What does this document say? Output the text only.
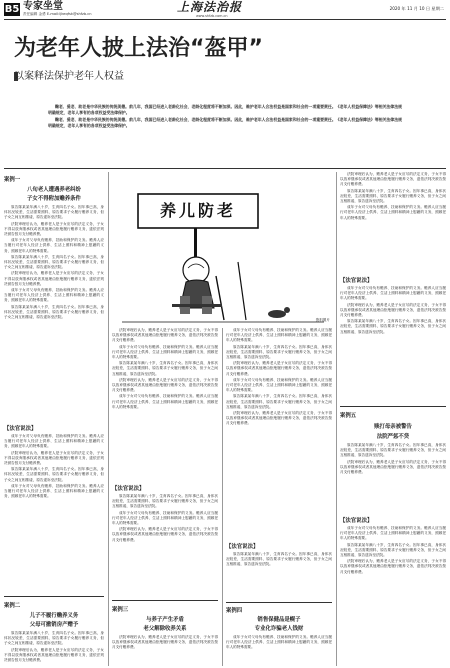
B5 专家坐堂
责任编辑 金勇 E-mail:ljkeqfsk@shfzb.cn	上海法治报
www.shfzb.com.cn
2020 年 11 月 10 日 星期二
为老年人披上法治“盔甲”
以案释法保护老年人权益

鞠老、爱老、助老是中华民族的传统美德。前几年，我国已经进入老龄化社会，老龄化程度将不断加深。因此，维护老年人合法权益是国家和社会的一项重要责任。《老年人权益保障法》等相关法律法规明确规定，老年人享有的各项权益受法律保护。

鞠老、爱老、助老是中华民族的传统美德。前几年，我国已经进入老龄化社会，老龄化程度将不断加深。因此，维护老年人合法权益是国家和社会的一项重要责任。《老年人权益保障法》等相关法律法规明确规定，老年人享有的各项权益受法律保护。

案例一
八旬老人遭遇养老纠纷
子女不得附加赡养条件

原告陈某某年满八十岁，生育四名子女。因年事已高，身体状况较差，生活需要照料，原告要求子女履行赡养义务，但子女之间互相推诿，原告遂诉至法院。

法院审理后认为，赡养老人是子女应尽的法定义务，子女不得以放弃继承权或者其他理由拒绝履行赡养义务，遂依法判决被告按月支付赡养费。

成年子女对父母负有赡养、扶助和保护的义务。赡养人应当履行对老年人经济上供养、生活上照料和精神上慰藉的义务，照顾老年人的特殊需要。

原告陈某某年满八十岁，生育四名子女。因年事已高，身体状况较差，生活需要照料，原告要求子女履行赡养义务，但子女之间互相推诿，原告遂诉至法院。

法院审理后认为，赡养老人是子女应尽的法定义务，子女不得以放弃继承权或者其他理由拒绝履行赡养义务，遂依法判决被告按月支付赡养费。

成年子女对父母负有赡养、扶助和保护的义务。赡养人应当履行对老年人经济上供养、生活上照料和精神上慰藉的义务，照顾老年人的特殊需要。

原告陈某某年满八十岁，生育四名子女。因年事已高，身体状况较差，生活需要照料，原告要求子女履行赡养义务，但子女之间互相推诿，原告遂诉至法院。

【法官说法】

成年子女对父母负有赡养、扶助和保护的义务。赡养人应当履行对老年人经济上供养、生活上照料和精神上慰藉的义务，照顾老年人的特殊需要。

法院审理后认为，赡养老人是子女应尽的法定义务，子女不得以放弃继承权或者其他理由拒绝履行赡养义务，遂依法判决被告按月支付赡养费。

原告陈某某年满八十岁，生育四名子女。因年事已高，身体状况较差，生活需要照料，原告要求子女履行赡养义务，但子女之间互相推诿，原告遂诉至法院。

成年子女对父母负有赡养、扶助和保护的义务。赡养人应当履行对老年人经济上供养、生活上照料和精神上慰藉的义务，照顾老年人的特殊需要。

案例二
儿子不履行赡养义务
父母可撤销房产赠予

原告陈某某年满八十岁，生育四名子女。因年事已高，身体状况较差，生活需要照料，原告要求子女履行赡养义务，但子女之间互相推诿，原告遂诉至法院。

法院审理后认为，赡养老人是子女应尽的法定义务，子女不得以放弃继承权或者其他理由拒绝履行赡养义务，遂依法判决被告按月支付赡养费。

养儿防老
资料图片

法院审理后认为，赡养老人是子女应尽的法定义务，子女不得以放弃继承权或者其他理由拒绝履行赡养义务，遂依法判决被告按月支付赡养费。

成年子女对父母负有赡养、扶助和保护的义务。赡养人应当履行对老年人经济上供养、生活上照料和精神上慰藉的义务，照顾老年人的特殊需要。

原告陈某某年满八十岁，生育四名子女。因年事已高，身体状况较差，生活需要照料，原告要求子女履行赡养义务，但子女之间互相推诿，原告遂诉至法院。

法院审理后认为，赡养老人是子女应尽的法定义务，子女不得以放弃继承权或者其他理由拒绝履行赡养义务，遂依法判决被告按月支付赡养费。

成年子女对父母负有赡养、扶助和保护的义务。赡养人应当履行对老年人经济上供养、生活上照料和精神上慰藉的义务，照顾老年人的特殊需要。

【法官说法】

原告陈某某年满八十岁，生育四名子女。因年事已高，身体状况较差，生活需要照料，原告要求子女履行赡养义务，但子女之间互相推诿，原告遂诉至法院。

成年子女对父母负有赡养、扶助和保护的义务。赡养人应当履行对老年人经济上供养、生活上照料和精神上慰藉的义务，照顾老年人的特殊需要。

法院审理后认为，赡养老人是子女应尽的法定义务，子女不得以放弃继承权或者其他理由拒绝履行赡养义务，遂依法判决被告按月支付赡养费。

案例三
与养子产生矛盾
老父解除收养关系

法院审理后认为，赡养老人是子女应尽的法定义务，子女不得以放弃继承权或者其他理由拒绝履行赡养义务，遂依法判决被告按月支付赡养费。

成年子女对父母负有赡养、扶助和保护的义务。赡养人应当履行对老年人经济上供养、生活上照料和精神上慰藉的义务，照顾老年人的特殊需要。

原告陈某某年满八十岁，生育四名子女。因年事已高，身体状况较差，生活需要照料，原告要求子女履行赡养义务，但子女之间互相推诿，原告遂诉至法院。

法院审理后认为，赡养老人是子女应尽的法定义务，子女不得以放弃继承权或者其他理由拒绝履行赡养义务，遂依法判决被告按月支付赡养费。

成年子女对父母负有赡养、扶助和保护的义务。赡养人应当履行对老年人经济上供养、生活上照料和精神上慰藉的义务，照顾老年人的特殊需要。

原告陈某某年满八十岁，生育四名子女。因年事已高，身体状况较差，生活需要照料，原告要求子女履行赡养义务，但子女之间互相推诿，原告遂诉至法院。

法院审理后认为，赡养老人是子女应尽的法定义务，子女不得以放弃继承权或者其他理由拒绝履行赡养义务，遂依法判决被告按月支付赡养费。

【法官说法】

原告陈某某年满八十岁，生育四名子女。因年事已高，身体状况较差，生活需要照料，原告要求子女履行赡养义务，但子女之间互相推诿，原告遂诉至法院。

案例四
销售保健品是幌子
专业化诈骗老人钱财

成年子女对父母负有赡养、扶助和保护的义务。赡养人应当履行对老年人经济上供养、生活上照料和精神上慰藉的义务，照顾老年人的特殊需要。

法院审理后认为，赡养老人是子女应尽的法定义务，子女不得以放弃继承权或者其他理由拒绝履行赡养义务，遂依法判决被告按月支付赡养费。

原告陈某某年满八十岁，生育四名子女。因年事已高，身体状况较差，生活需要照料，原告要求子女履行赡养义务，但子女之间互相推诿，原告遂诉至法院。

成年子女对父母负有赡养、扶助和保护的义务。赡养人应当履行对老年人经济上供养、生活上照料和精神上慰藉的义务，照顾老年人的特殊需要。

【法官说法】

成年子女对父母负有赡养、扶助和保护的义务。赡养人应当履行对老年人经济上供养、生活上照料和精神上慰藉的义务，照顾老年人的特殊需要。

法院审理后认为，赡养老人是子女应尽的法定义务，子女不得以放弃继承权或者其他理由拒绝履行赡养义务，遂依法判决被告按月支付赡养费。

原告陈某某年满八十岁，生育四名子女。因年事已高，身体状况较差，生活需要照料，原告要求子女履行赡养义务，但子女之间互相推诿，原告遂诉至法院。

案例五
赎打母亲被警告
法院严惩不贷

原告陈某某年满八十岁，生育四名子女。因年事已高，身体状况较差，生活需要照料，原告要求子女履行赡养义务，但子女之间互相推诿，原告遂诉至法院。

法院审理后认为，赡养老人是子女应尽的法定义务，子女不得以放弃继承权或者其他理由拒绝履行赡养义务，遂依法判决被告按月支付赡养费。

【法官说法】

成年子女对父母负有赡养、扶助和保护的义务。赡养人应当履行对老年人经济上供养、生活上照料和精神上慰藉的义务，照顾老年人的特殊需要。

原告陈某某年满八十岁，生育四名子女。因年事已高，身体状况较差，生活需要照料，原告要求子女履行赡养义务，但子女之间互相推诿，原告遂诉至法院。

法院审理后认为，赡养老人是子女应尽的法定义务，子女不得以放弃继承权或者其他理由拒绝履行赡养义务，遂依法判决被告按月支付赡养费。
